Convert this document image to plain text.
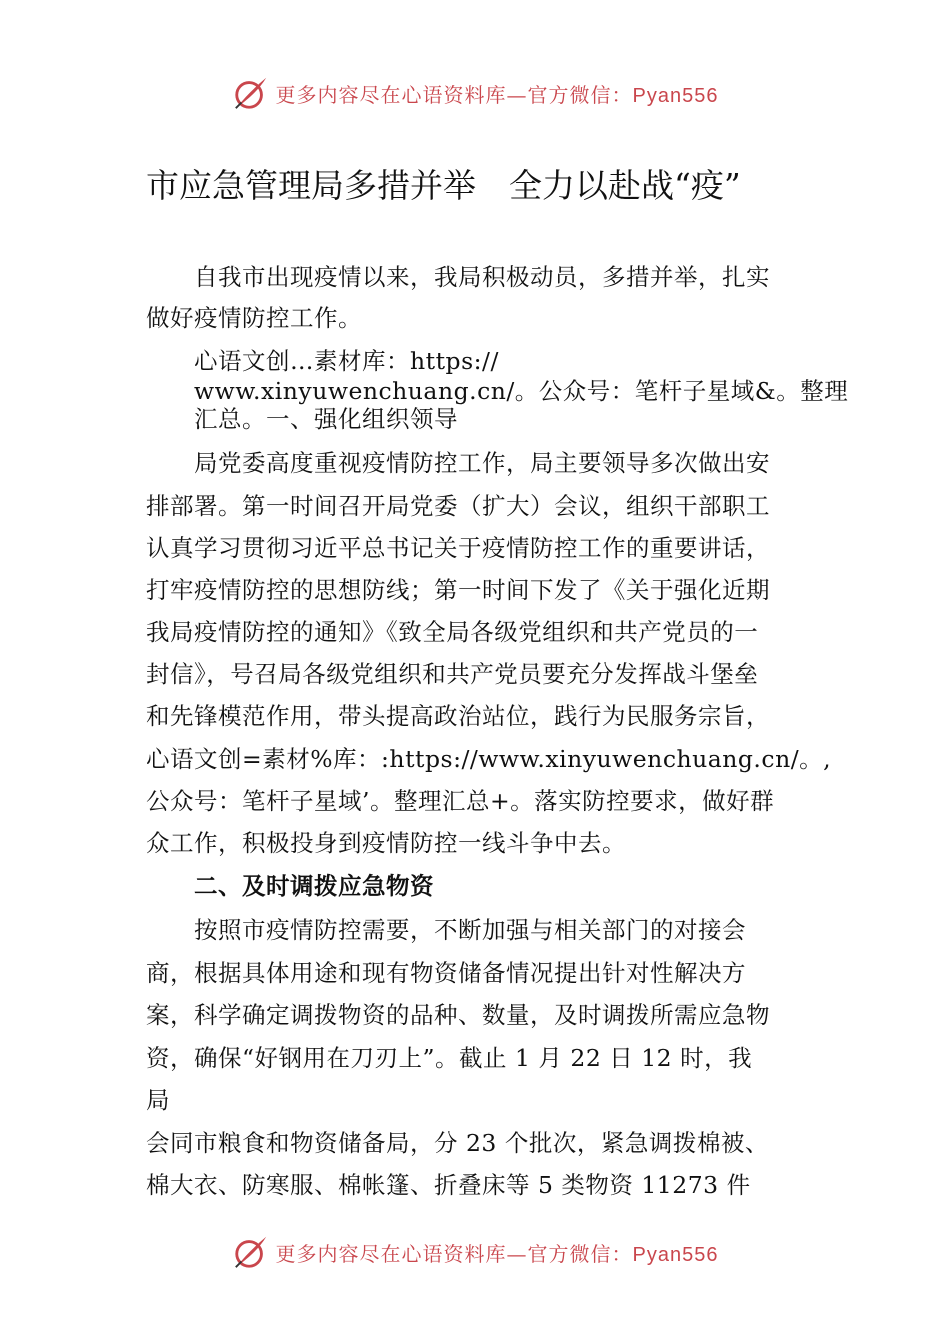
更多内容尽在心语资料库—官方微信：Pyan556
市应急管理局多措并举　全力以赴战“疫”
　　自我市出现疫情以来，我局积极动员，多措并举，扎实
做好疫情防控工作。
　　心语文创…素材库：https://
　　www.xinyuwenchuang.cn/。公众号：笔杆子星域&。整理
　　汇总。一、强化组织领导
　　局党委高度重视疫情防控工作，局主要领导多次做出安
排部署。第一时间召开局党委（扩大）会议，组织干部职工
认真学习贯彻习近平总书记关于疫情防控工作的重要讲话，
打牢疫情防控的思想防线；第一时间下发了《关于强化近期
我局疫情防控的通知》《致全局各级党组织和共产党员的一
封信》，号召局各级党组织和共产党员要充分发挥战斗堡垒
和先锋模范作用，带头提高政治站位，践行为民服务宗旨，
心语文创=素材%库：:https://www.xinyuwenchuang.cn/。,
公众号：笔杆子星域’。整理汇总+。落实防控要求，做好群
众工作，积极投身到疫情防控一线斗争中去。
　　二、及时调拨应急物资
　　按照市疫情防控需要，不断加强与相关部门的对接会
商，根据具体用途和现有物资储备情况提出针对性解决方
案，科学确定调拨物资的品种、数量，及时调拨所需应急物
资，确保“好钢用在刀刃上”。截止 1 月 22 日 12 时，我
局
会同市粮食和物资储备局，分 23 个批次，紧急调拨棉被、
棉大衣、防寒服、棉帐篷、折叠床等 5 类物资 11273 件
更多内容尽在心语资料库—官方微信：Pyan556
